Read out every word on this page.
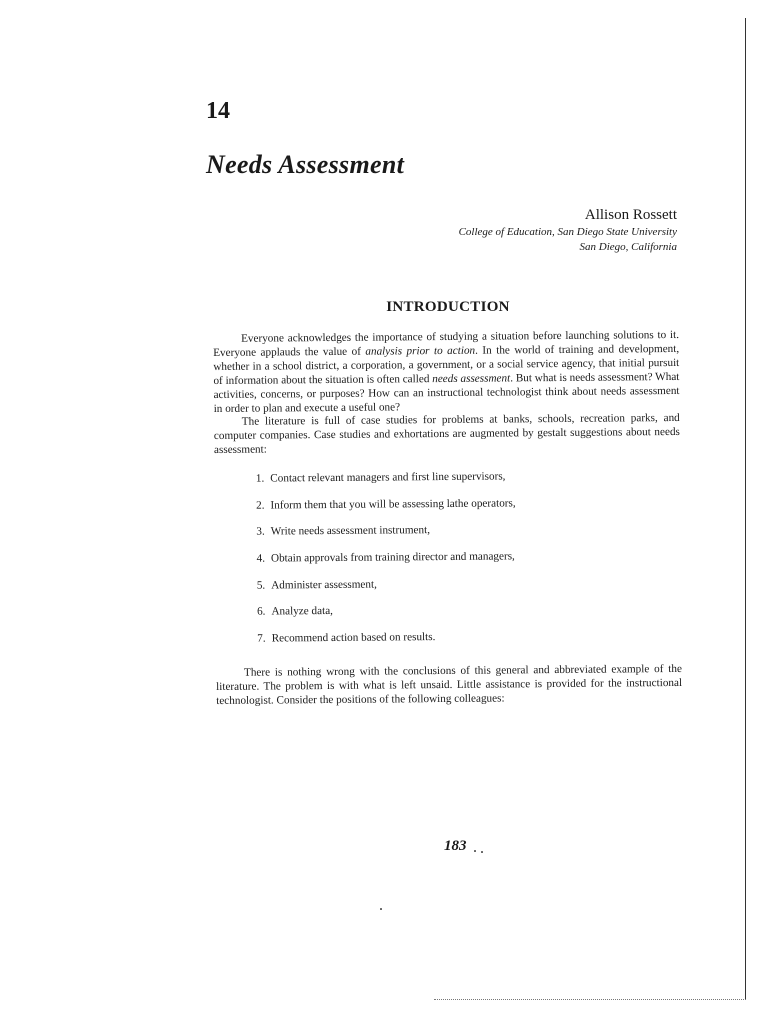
14
Needs Assessment
Allison Rossett
College of Education, San Diego State University
San Diego, California
INTRODUCTION

Everyone acknowledges the importance of studying a situation before launching solutions to it. Everyone applauds the value of analysis prior to action. In the world of training and development, whether in a school district, a corporation, a government, or a social service agency, that initial pursuit of information about the situation is often called needs assessment. But what is needs assessment? What activities, concerns, or purposes? How can an instructional technologist think about needs assessment in order to plan and execute a useful one?

The literature is full of case studies for problems at banks, schools, recreation parks, and computer companies. Case studies and exhortations are augmented by gestalt suggestions about needs assessment:

1. Contact relevant managers and first line supervisors,
2. Inform them that you will be assessing lathe operators,
3. Write needs assessment instrument,
4. Obtain approvals from training director and managers,
5. Administer assessment,
6. Analyze data,
7. Recommend action based on results.

There is nothing wrong with the conclusions of this general and abbreviated example of the literature. The problem is with what is left unsaid. Little assistance is provided for the instructional technologist. Consider the positions of the following colleagues:

183
